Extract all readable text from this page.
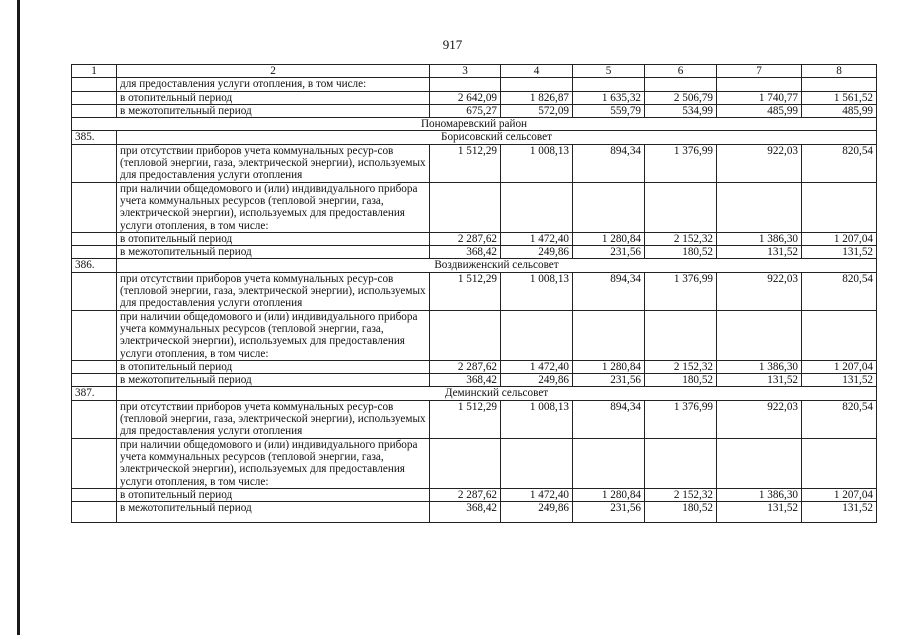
917
1	2	3	4	5	6	7	8
	для предоставления услуги отопления, в том числе:						
	в отопительный период	2 642,09	1 826,87	1 635,32	2 506,79	1 740,77	1 561,52
	в межотопительный период	675,27	572,09	559,79	534,99	485,99	485,99
Пономаревский район							
385.	Борисовский сельсовет						
	при отсутствии приборов учета коммунальных ресур-сов (тепловой энергии, газа, электрической энергии), используемых для предоставления услуги отопления	1 512,29	1 008,13	894,34	1 376,99	922,03	820,54
	при наличии общедомового и (или) индивидуального прибора учета коммунальных ресурсов (тепловой энергии, газа, электрической энергии), используемых для предоставления услуги отопления, в том числе:						
	в отопительный период	2 287,62	1 472,40	1 280,84	2 152,32	1 386,30	1 207,04
	в межотопительный период	368,42	249,86	231,56	180,52	131,52	131,52
386.	Воздвиженский сельсовет						
	при отсутствии приборов учета коммунальных ресур-сов (тепловой энергии, газа, электрической энергии), используемых для предоставления услуги отопления	1 512,29	1 008,13	894,34	1 376,99	922,03	820,54
	при наличии общедомового и (или) индивидуального прибора учета коммунальных ресурсов (тепловой энергии, газа, электрической энергии), используемых для предоставления услуги отопления, в том числе:						
	в отопительный период	2 287,62	1 472,40	1 280,84	2 152,32	1 386,30	1 207,04
	в межотопительный период	368,42	249,86	231,56	180,52	131,52	131,52
387.	Деминский сельсовет						
	при отсутствии приборов учета коммунальных ресур-сов (тепловой энергии, газа, электрической энергии), используемых для предоставления услуги отопления	1 512,29	1 008,13	894,34	1 376,99	922,03	820,54
	при наличии общедомового и (или) индивидуального прибора учета коммунальных ресурсов (тепловой энергии, газа, электрической энергии), используемых для предоставления услуги отопления, в том числе:						
	в отопительный период	2 287,62	1 472,40	1 280,84	2 152,32	1 386,30	1 207,04
	в межотопительный период	368,42	249,86	231,56	180,52	131,52	131,52
